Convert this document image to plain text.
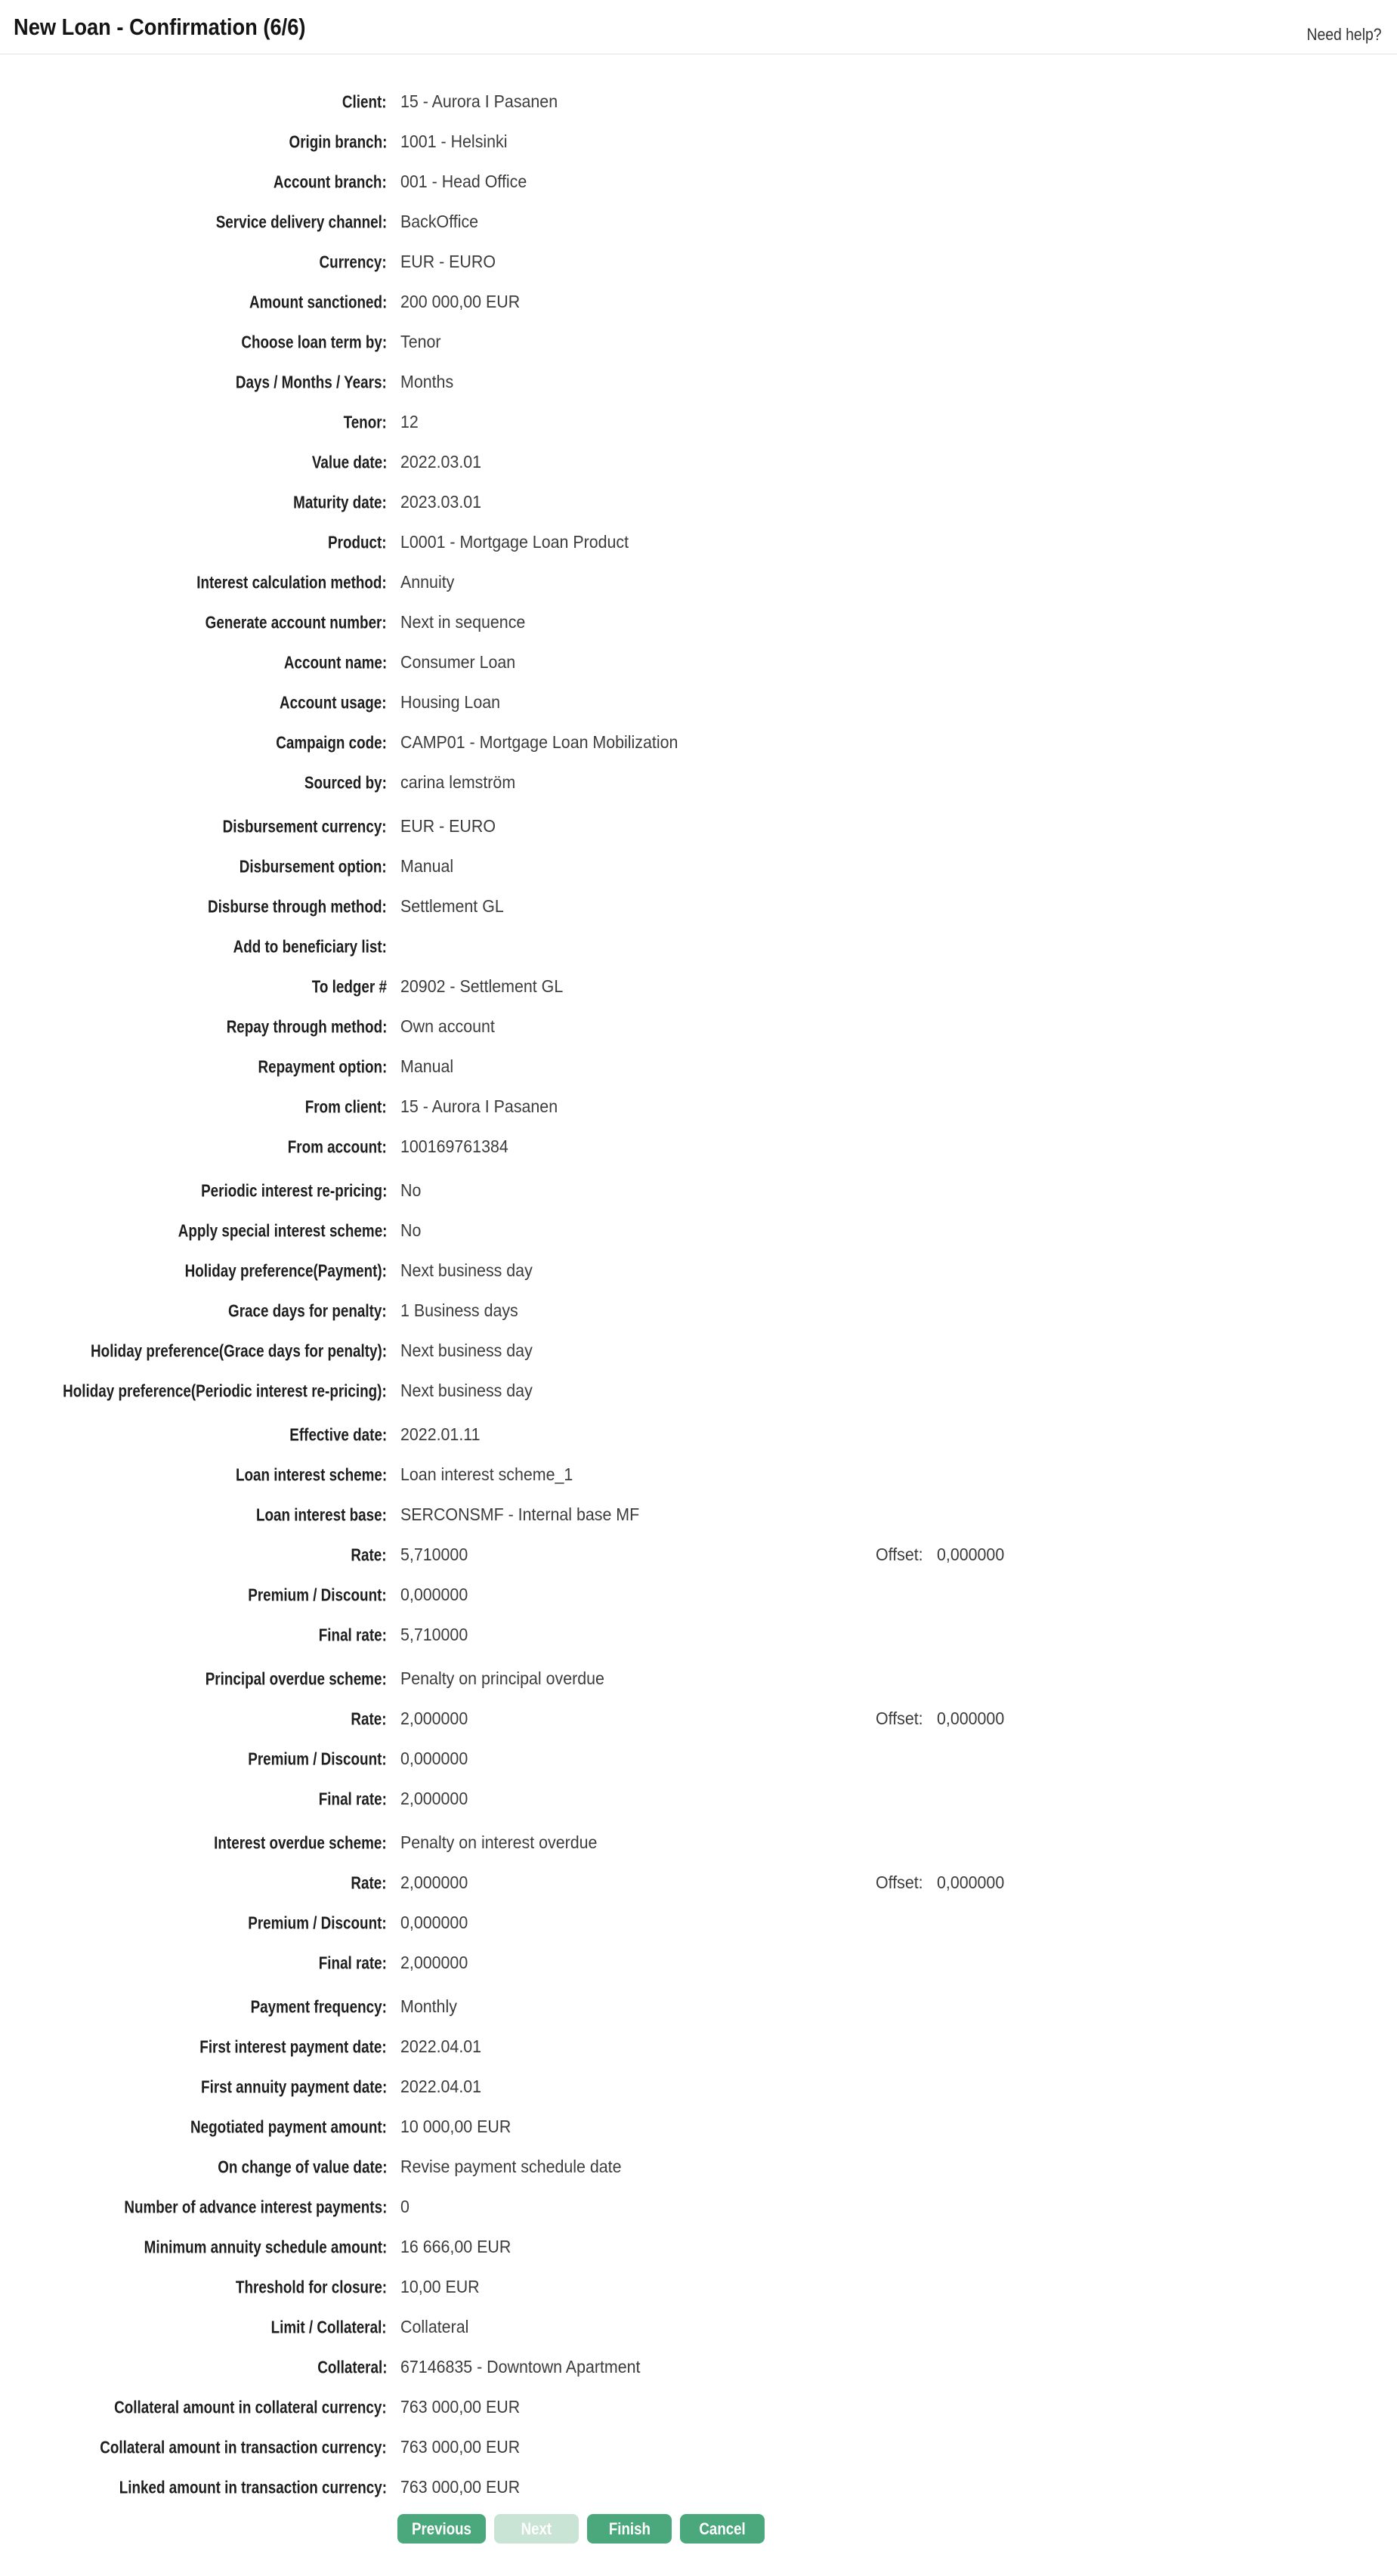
New Loan - Confirmation (6/6)	Need help?
Client: 15 - Aurora I Pasanen
Origin branch: 1001 - Helsinki
Account branch: 001 - Head Office
Service delivery channel: BackOffice
Currency: EUR - EURO
Amount sanctioned: 200 000,00 EUR
Choose loan term by: Tenor
Days / Months / Years: Months
Tenor: 12
Value date: 2022.03.01
Maturity date: 2023.03.01
Product: L0001 - Mortgage Loan Product
Interest calculation method: Annuity
Generate account number: Next in sequence
Account name: Consumer Loan
Account usage: Housing Loan
Campaign code: CAMP01 - Mortgage Loan Mobilization
Sourced by: carina lemström
Disbursement currency: EUR - EURO
Disbursement option: Manual
Disburse through method: Settlement GL
Add to beneficiary list:
To ledger # 20902 - Settlement GL
Repay through method: Own account
Repayment option: Manual
From client: 15 - Aurora I Pasanen
From account: 100169761384
Periodic interest re-pricing: No
Apply special interest scheme: No
Holiday preference(Payment): Next business day
Grace days for penalty: 1 Business days
Holiday preference(Grace days for penalty): Next business day
Holiday preference(Periodic interest re-pricing): Next business day
Effective date: 2022.01.11
Loan interest scheme: Loan interest scheme_1
Loan interest base: SERCONSMF - Internal base MF
Rate: 5,710000	Offset: 0,000000
Premium / Discount: 0,000000
Final rate: 5,710000
Principal overdue scheme: Penalty on principal overdue
Rate: 2,000000	Offset: 0,000000
Premium / Discount: 0,000000
Final rate: 2,000000
Interest overdue scheme: Penalty on interest overdue
Rate: 2,000000	Offset: 0,000000
Premium / Discount: 0,000000
Final rate: 2,000000
Payment frequency: Monthly
First interest payment date: 2022.04.01
First annuity payment date: 2022.04.01
Negotiated payment amount: 10 000,00 EUR
On change of value date: Revise payment schedule date
Number of advance interest payments: 0
Minimum annuity schedule amount: 16 666,00 EUR
Threshold for closure: 10,00 EUR
Limit / Collateral: Collateral
Collateral: 67146835 - Downtown Apartment
Collateral amount in collateral currency: 763 000,00 EUR
Collateral amount in transaction currency: 763 000,00 EUR
Linked amount in transaction currency: 763 000,00 EUR
Previous	Next	Finish	Cancel
